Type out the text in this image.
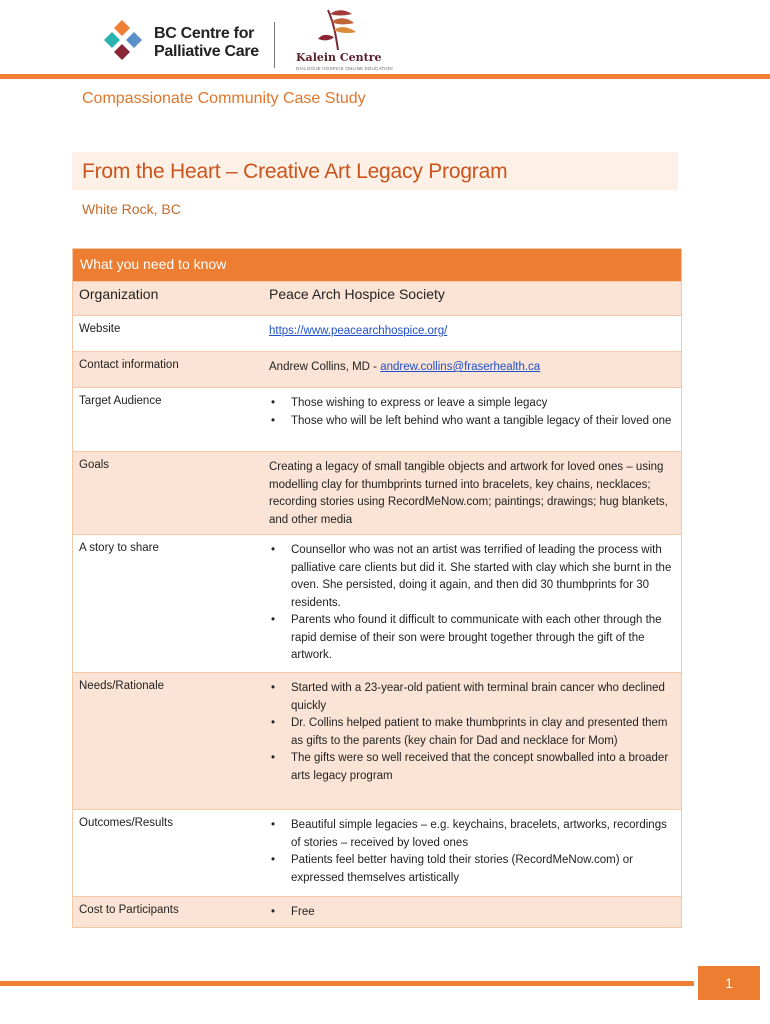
BC Centre for
Palliative Care	Kalein Centre
DIALOGUE HOSPICE ONLINE EDUCATION
Compassionate Community Case Study
From the Heart – Creative Art Legacy Program
White Rock, BC
What you need to know
Organization	Peace Arch Hospice Society
Website	https://www.peacearchhospice.org/
Contact information	Andrew Collins, MD - andrew.collins@fraserhealth.ca
Target Audience	• Those wishing to express or leave a simple legacy
• Those who will be left behind who want a tangible legacy of their loved one
Goals	Creating a legacy of small tangible objects and artwork for loved ones – using modelling clay for thumbprints turned into bracelets, key chains, necklaces; recording stories using RecordMeNow.com; paintings; drawings; hug blankets, and other media
A story to share	• Counsellor who was not an artist was terrified of leading the process with palliative care clients but did it. She started with clay which she burnt in the oven. She persisted, doing it again, and then did 30 thumbprints for 30 residents.
• Parents who found it difficult to communicate with each other through the rapid demise of their son were brought together through the gift of the artwork.
Needs/Rationale	• Started with a 23-year-old patient with terminal brain cancer who declined quickly
• Dr. Collins helped patient to make thumbprints in clay and presented them as gifts to the parents (key chain for Dad and necklace for Mom)
• The gifts were so well received that the concept snowballed into a broader arts legacy program
Outcomes/Results	• Beautiful simple legacies – e.g. keychains, bracelets, artworks, recordings of stories – received by loved ones
• Patients feel better having told their stories (RecordMeNow.com) or expressed themselves artistically
Cost to Participants	• Free
1
